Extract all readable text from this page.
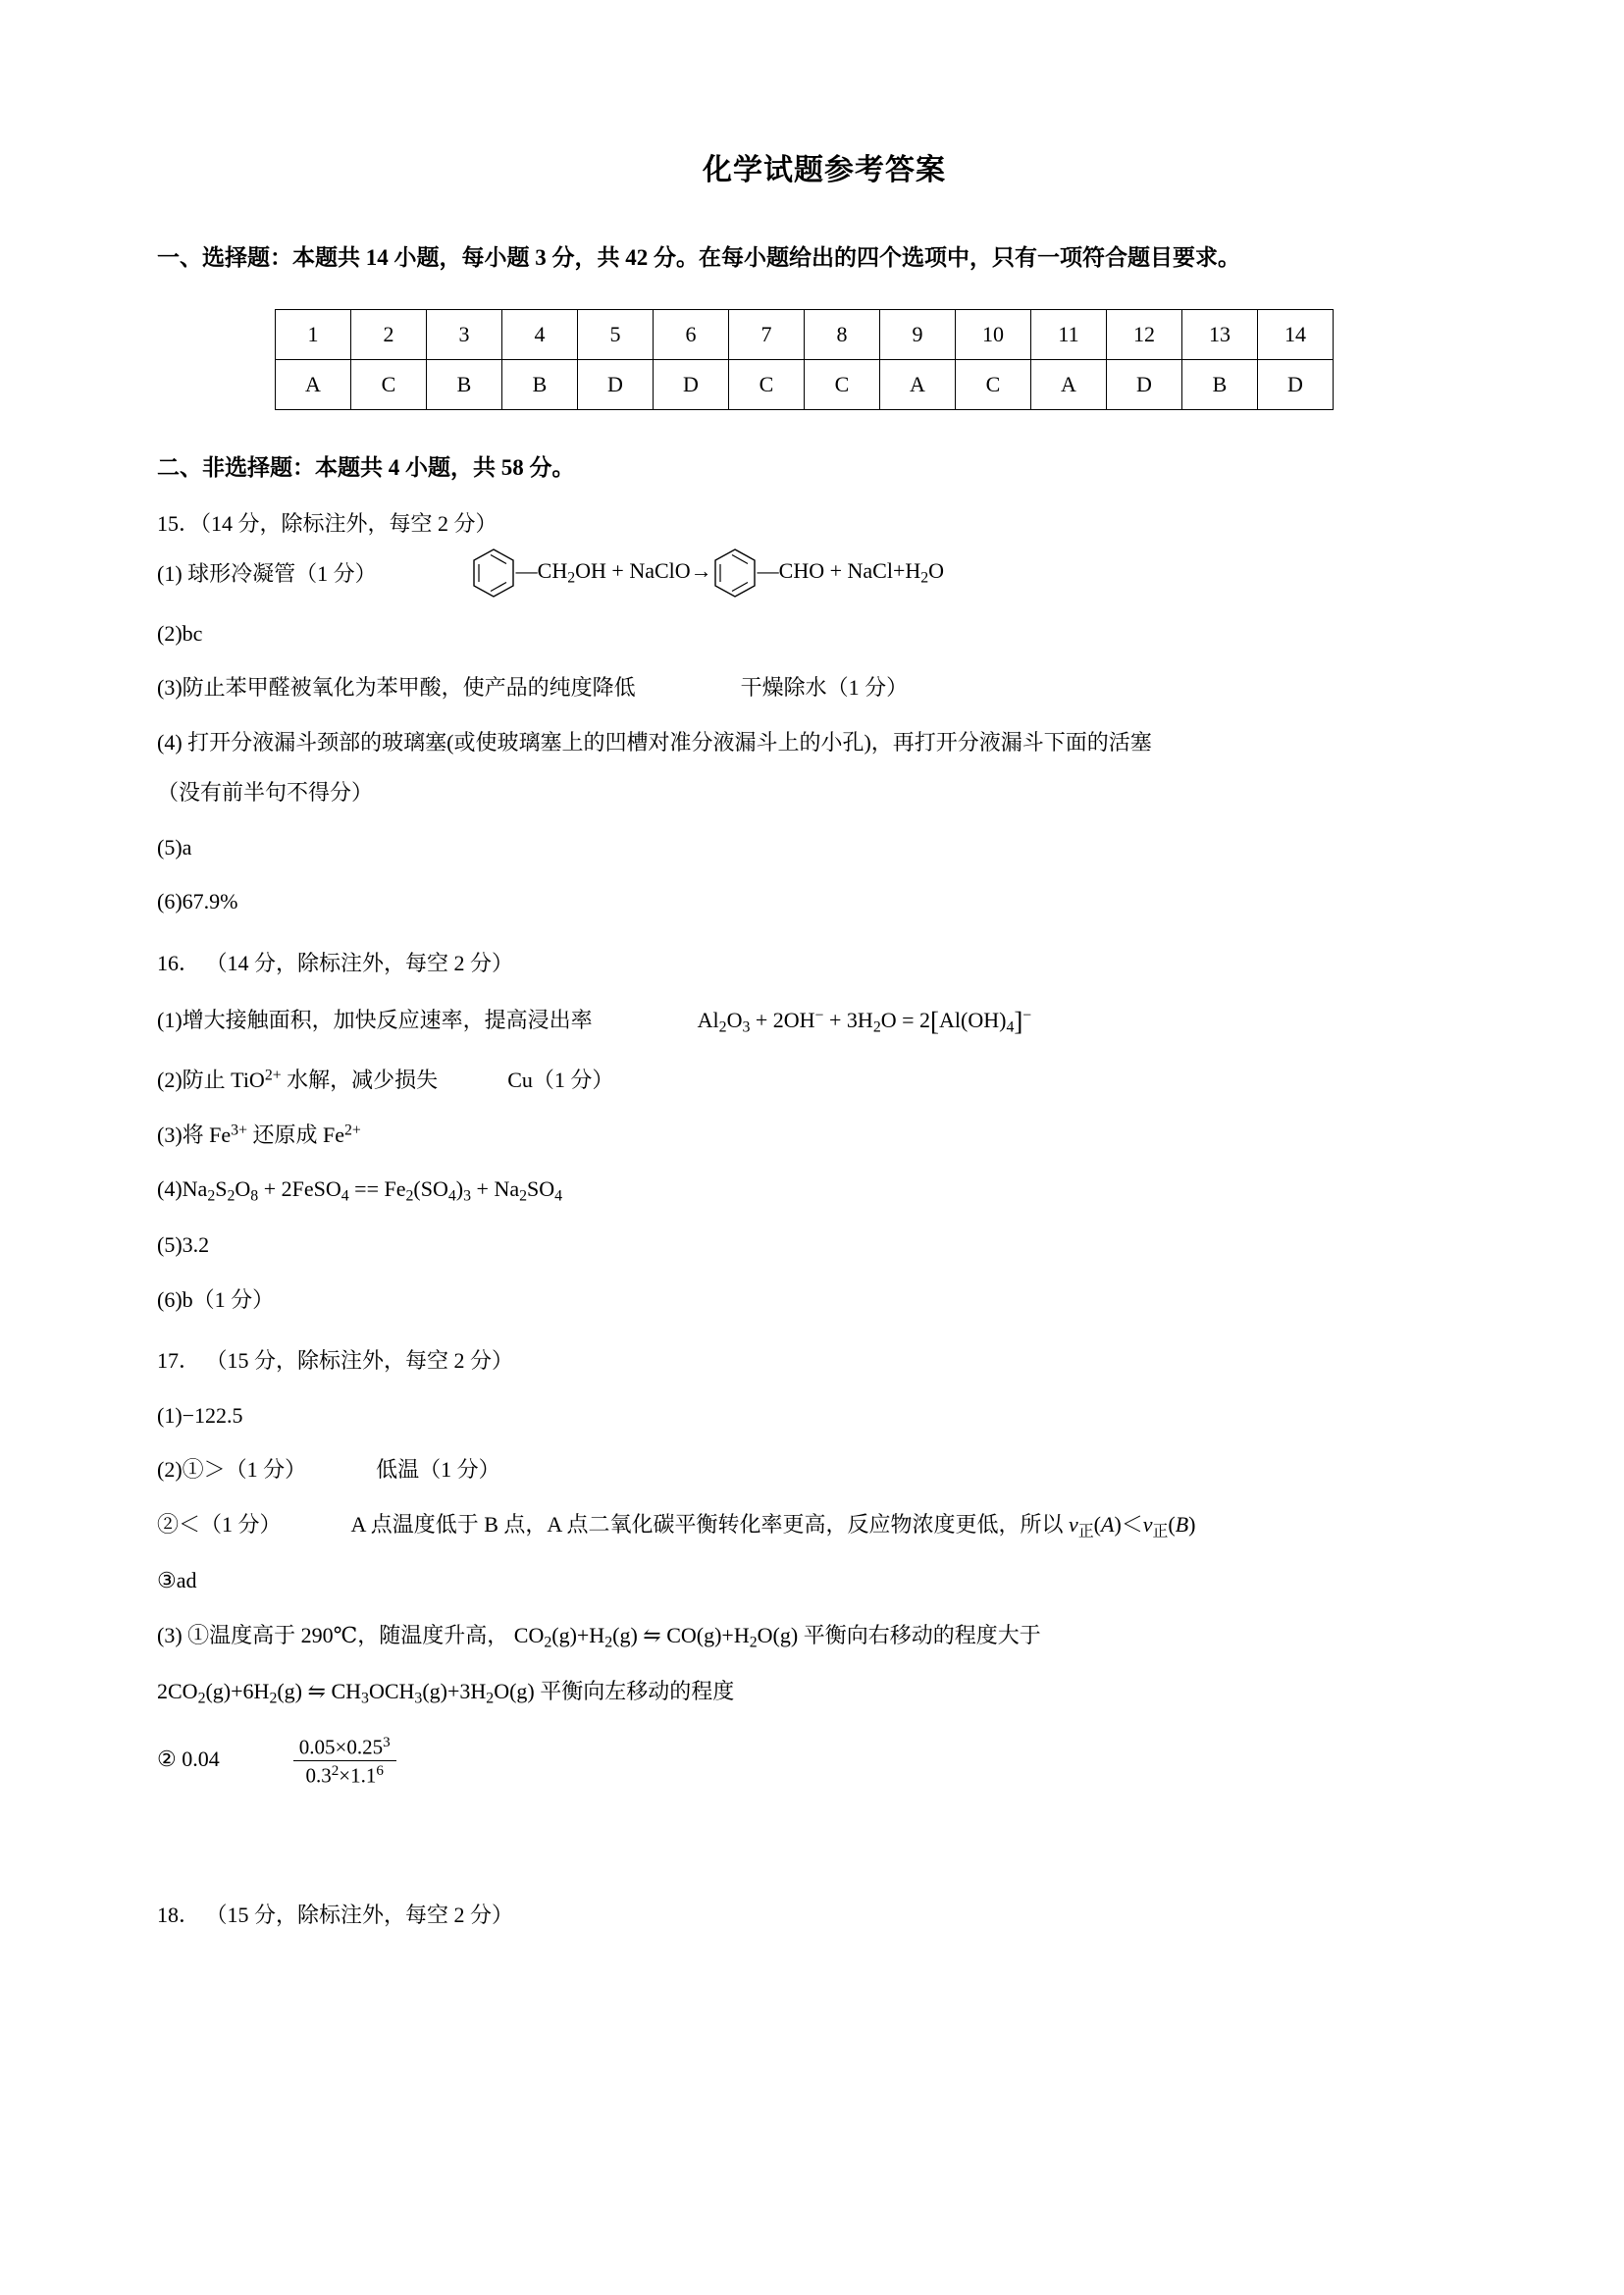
化学试题参考答案
一、选择题：本题共 14 小题，每小题 3 分，共 42 分。在每小题给出的四个选项中，只有一项符合题目要求。
1	2	3	4	5	6	7	8	9	10	11	12	13	14
A	C	B	B	D	D	C	C	A	C	A	D	B	D
二、非选择题：本题共 4 小题，共 58 分。

15．（14 分，除标注外，每空 2 分）

(1) 球形冷凝管（1 分）	$—CH_2OH$ + NaClO→ —CHO + $NaCl+H_2O$

(2)bc

(3)防止苯甲醛被氧化为苯甲酸，使产品的纯度降低	干燥除水（1 分）

(4) 打开分液漏斗颈部的玻璃塞(或使玻璃塞上的凹槽对准分液漏斗上的小孔)，再打开分液漏斗下面的活塞

（没有前半句不得分）

(5)a

(6)67.9%

16． （14 分，除标注外，每空 2 分）

(1)增大接触面积，加快反应速率，提高浸出率	$Al_2O_3 + 2OH^- + 3H_2O = 2[Al(OH)_4]^-$

(2)防止 TiO$^{2+}$ 水解，减少损失	Cu（1 分）

(3)将 $Fe^{3+}$ 还原成 $Fe^{2+}$

$(4)Na_2S_2O_8$ + 2FeSO$_4$ == $Fe_2(SO_4)_3 + Na_2SO_4$

(5)3.2

(6)b（1 分）

17． （15 分，除标注外，每空 2 分）

(1)−122.5

(2)①＞（1 分）	低温（1 分）

②＜（1 分）	A 点温度低于 B 点，A 点二氧化碳平衡转化率更高，反应物浓度更低，所以 $v_正(A)<v_正(B)$

③ad

(3) ①温度高于 290℃，随温度升高， $CO_2(g)+H_2(g)$ ⇋ $CO(g)+H_2O(g)$ 平衡向右移动的程度大于

$2CO_2(g)+6H_2(g)$ ⇋ $CH_3OCH_3(g)+3H_2O(g)$ 平衡向左移动的程度

② 0.04	$\frac{0.05\times 0.25^3}{0.3^2\times 1.1^6}$

18． （15 分，除标注外，每空 2 分）
